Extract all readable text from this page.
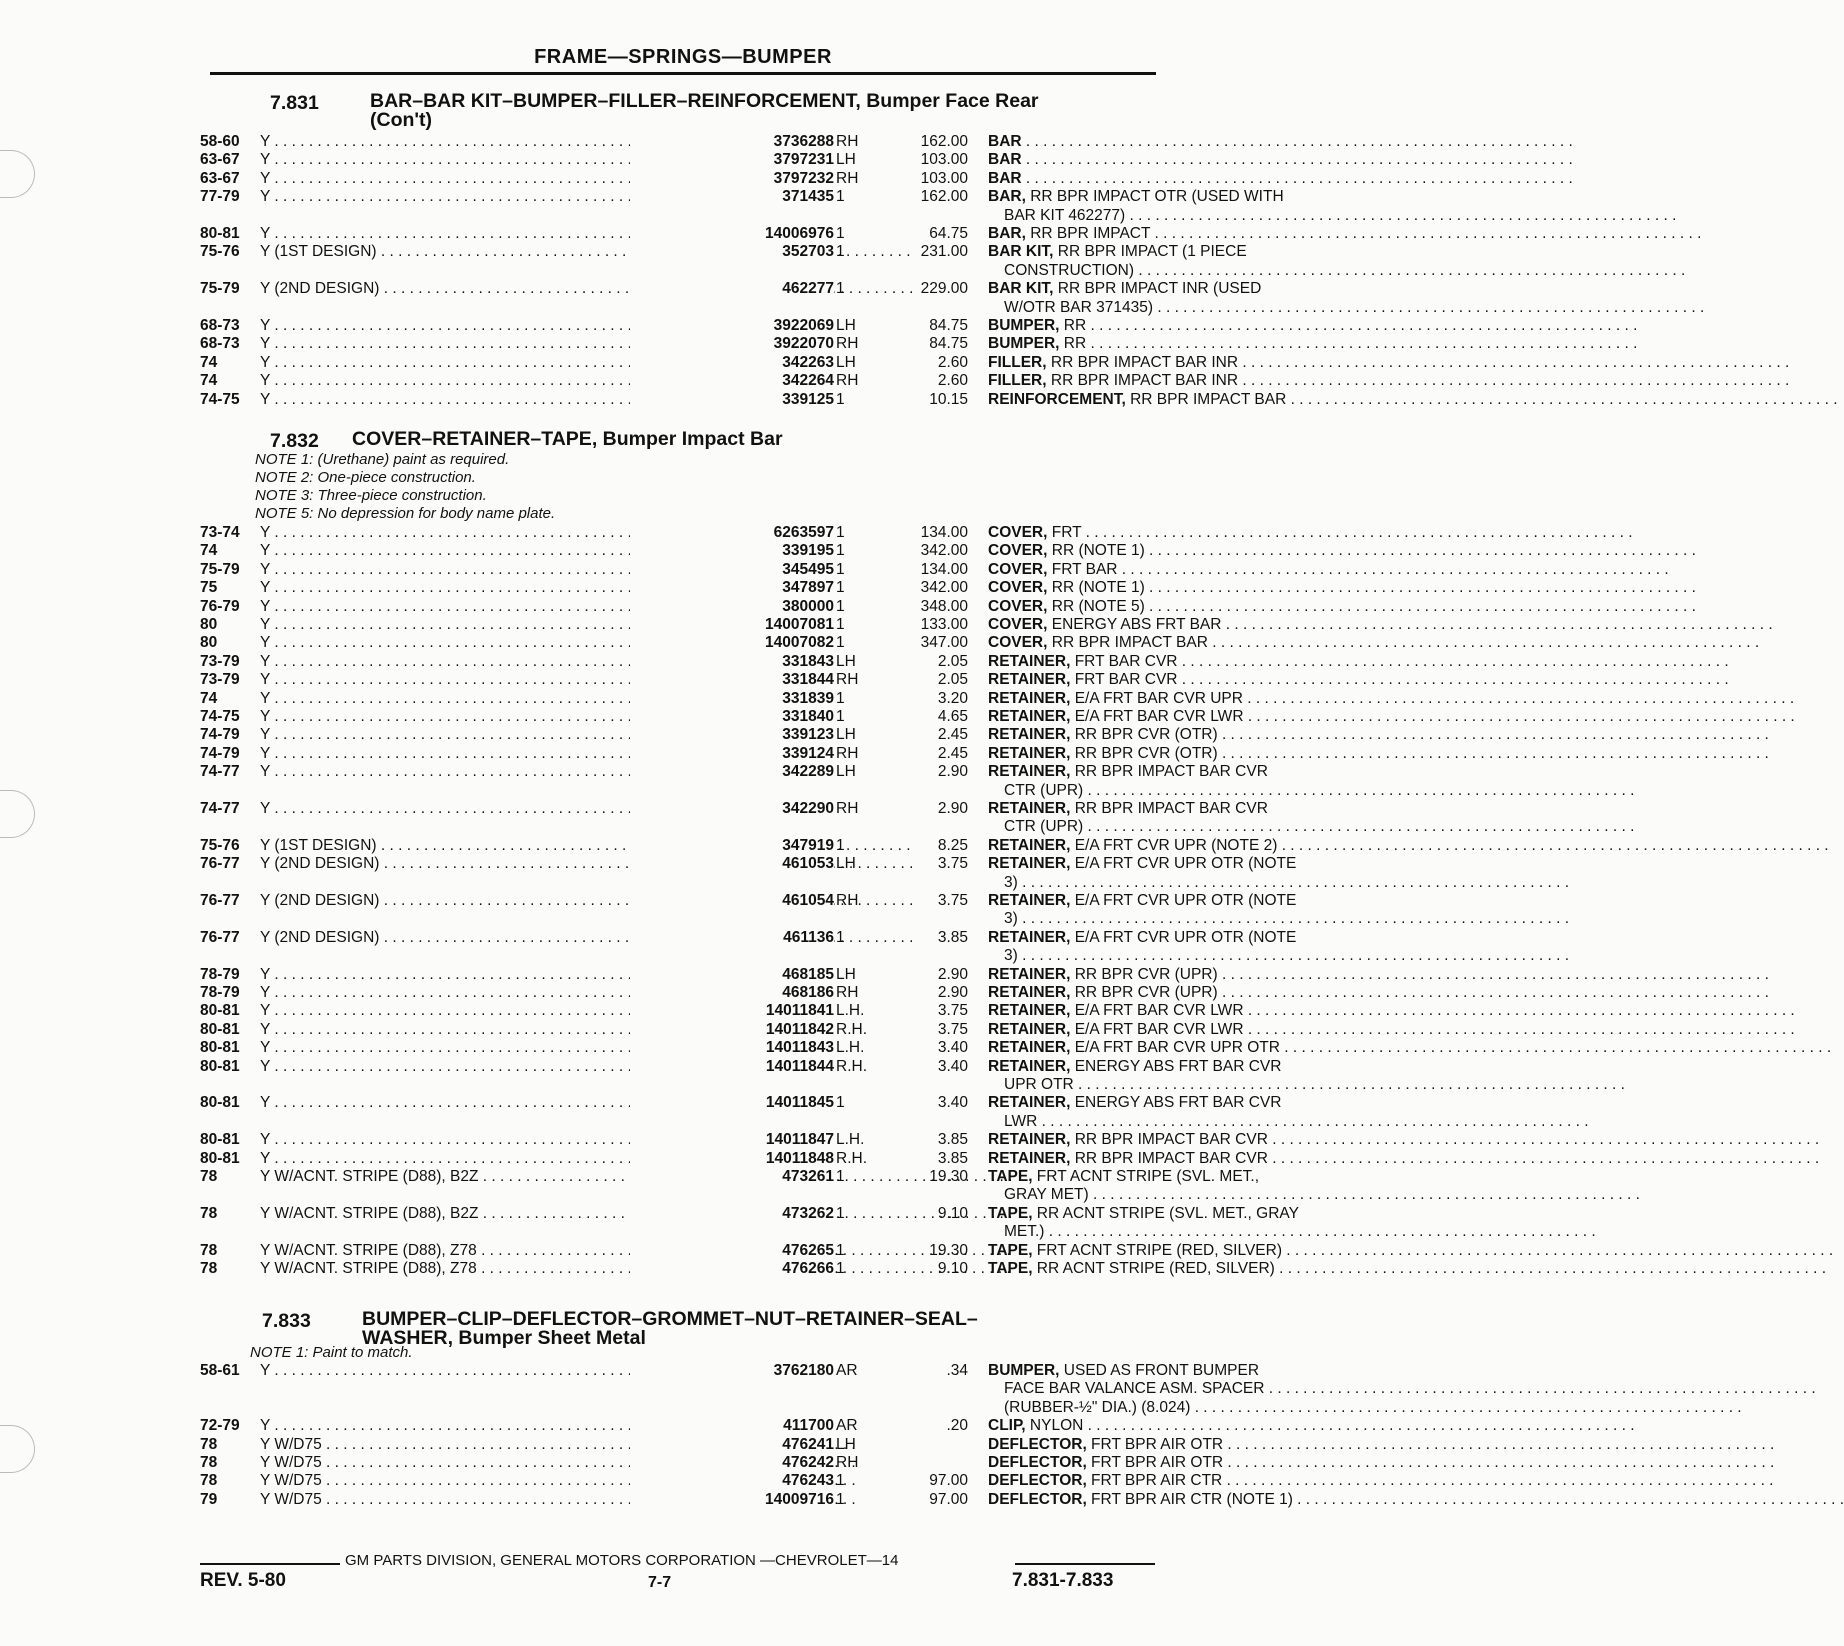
FRAME—SPRINGS—BUMPER
7.831	BAR–BAR KIT–BUMPER–FILLER–REINFORCEMENT, Bumper Face Rear
(Con't)
58-60	Y . . .	3736288 RH	162.00 BAR . . .
63-67	Y . . .	3797231 LH	103.00 BAR . . .
63-67	Y . . .	3797232 RH	103.00 BAR . . .
77-79	Y . . .	371435 1	162.00 BAR, RR BPR IMPACT OTR (USED WITH
BAR KIT 462277) . . .
80-81	Y . . .	14006976 1	64.75 BAR, RR BPR IMPACT . . .
75-76	Y (1ST DESIGN) . . .	352703 1	231.00 BAR KIT, RR BPR IMPACT (1 PIECE
CONSTRUCTION) . . .
75-79	Y (2ND DESIGN) . . .	462277 1	229.00 BAR KIT, RR BPR IMPACT INR (USED
W/OTR BAR 371435) . . .
68-73	Y . . .	3922069 LH	84.75 BUMPER, RR . . .
68-73	Y . . .	3922070 RH	84.75 BUMPER, RR . . .
74	Y . . .	342263 LH	2.60 FILLER, RR BPR IMPACT BAR INR . . .
74	Y . . .	342264 RH	2.60 FILLER, RR BPR IMPACT BAR INR . . .
74-75	Y . . .	339125 1	10.15 REINFORCEMENT, RR BPR IMPACT BAR . . .
7.832 COVER–RETAINER–TAPE, Bumper Impact Bar
NOTE 1: (Urethane) paint as required.
NOTE 2: One-piece construction.
NOTE 3: Three-piece construction.
NOTE 5: No depression for body name plate.
73-74	Y . . .	6263597 1	134.00 COVER, FRT . . .
74	Y . . .	339195 1	342.00 COVER, RR (NOTE 1) . . .
75-79	Y . . .	345495 1	134.00 COVER, FRT BAR . . .
75	Y . . .	347897 1	342.00 COVER, RR (NOTE 1) . . .
76-79	Y . . .	380000 1	348.00 COVER, RR (NOTE 5) . . .
80	Y . . .	14007081 1	133.00 COVER, ENERGY ABS FRT BAR . . .
80	Y . . .	14007082 1	347.00 COVER, RR BPR IMPACT BAR . . .
73-79	Y . . .	331843 LH	2.05 RETAINER, FRT BAR CVR . . .
73-79	Y . . .	331844 RH	2.05 RETAINER, FRT BAR CVR . . .
74	Y . . .	331839 1	3.20 RETAINER, E/A FRT BAR CVR UPR . . .
74-75	Y . . .	331840 1	4.65 RETAINER, E/A FRT BAR CVR LWR . . .
74-79	Y . . .	339123 LH	2.45 RETAINER, RR BPR CVR (OTR) . . .
74-79	Y . . .	339124 RH	2.45 RETAINER, RR BPR CVR (OTR) . . .
74-77	Y . . .	342289 LH	2.90 RETAINER, RR BPR IMPACT BAR CVR
CTR (UPR) . . .
74-77	Y . . .	342290 RH	2.90 RETAINER, RR BPR IMPACT BAR CVR
CTR (UPR) . . .
75-76	Y (1ST DESIGN) . . .	347919 1	8.25 RETAINER, E/A FRT CVR UPR (NOTE 2) . . .
76-77	Y (2ND DESIGN) . . .	461053 LH	3.75 RETAINER, E/A FRT CVR UPR OTR (NOTE
3) . . .
76-77	Y (2ND DESIGN) . . .	461054 RH	3.75 RETAINER, E/A FRT CVR UPR OTR (NOTE
3) . . .
76-77	Y (2ND DESIGN) . . .	461136 1	3.85 RETAINER, E/A FRT CVR UPR OTR (NOTE
3) . . .
78-79	Y . . .	468185 LH	2.90 RETAINER, RR BPR CVR (UPR) . . .
78-79	Y . . .	468186 RH	2.90 RETAINER, RR BPR CVR (UPR) . . .
80-81	Y . . .	14011841 L.H.	3.75 RETAINER, E/A FRT BAR CVR LWR . . .
80-81	Y . . .	14011842 R.H.	3.75 RETAINER, E/A FRT BAR CVR LWR . . .
80-81	Y . . .	14011843 L.H.	3.40 RETAINER, E/A FRT BAR CVR UPR OTR . . .
80-81	Y . . .	14011844 R.H.	3.40 RETAINER, ENERGY ABS FRT BAR CVR
UPR OTR . . .
80-81	Y . . .	14011845 1	3.40 RETAINER, ENERGY ABS FRT BAR CVR
LWR . . .
80-81	Y . . .	14011847 L.H.	3.85 RETAINER, RR BPR IMPACT BAR CVR . . .
80-81	Y . . .	14011848 R.H.	3.85 RETAINER, RR BPR IMPACT BAR CVR . . .
78	Y W/ACNT. STRIPE (D88), B2Z . . .	473261 1	19.30 TAPE, FRT ACNT STRIPE (SVL. MET.,
GRAY MET) . . .
78	Y W/ACNT. STRIPE (D88), B2Z . . .	473262 1	9.10 TAPE, RR ACNT STRIPE (SVL. MET., GRAY
MET.) . . .
78	Y W/ACNT. STRIPE (D88), Z78 . . .	476265 1	19.30 TAPE, FRT ACNT STRIPE (RED, SILVER) . . .
78	Y W/ACNT. STRIPE (D88), Z78 . . .	476266 1	9.10 TAPE, RR ACNT STRIPE (RED, SILVER) . . .
7.833	BUMPER–CLIP–DEFLECTOR–GROMMET–NUT–RETAINER–SEAL–
WASHER, Bumper Sheet Metal
NOTE 1: Paint to match.
58-61	Y . . .	3762180 AR	.34 BUMPER, USED AS FRONT BUMPER
FACE BAR VALANCE ASM. SPACER . . .
(RUBBER-½" DIA.) (8.024) . . .
72-79	Y . . .	411700 AR	.20 CLIP, NYLON . . .
78	Y W/D75 . . .	476241 LH	DEFLECTOR, FRT BPR AIR OTR . . .
78	Y W/D75 . . .	476242 RH	DEFLECTOR, FRT BPR AIR OTR . . .
78	Y W/D75 . . .	476243 1	97.00 DEFLECTOR, FRT BPR AIR CTR . . .
79	Y W/D75 . . .	14009716 1	97.00 DEFLECTOR, FRT BPR AIR CTR (NOTE 1) . . .
GM PARTS DIVISION, GENERAL MOTORS CORPORATION —CHEVROLET—14
REV. 5-80	7-7	7.831-7.833
